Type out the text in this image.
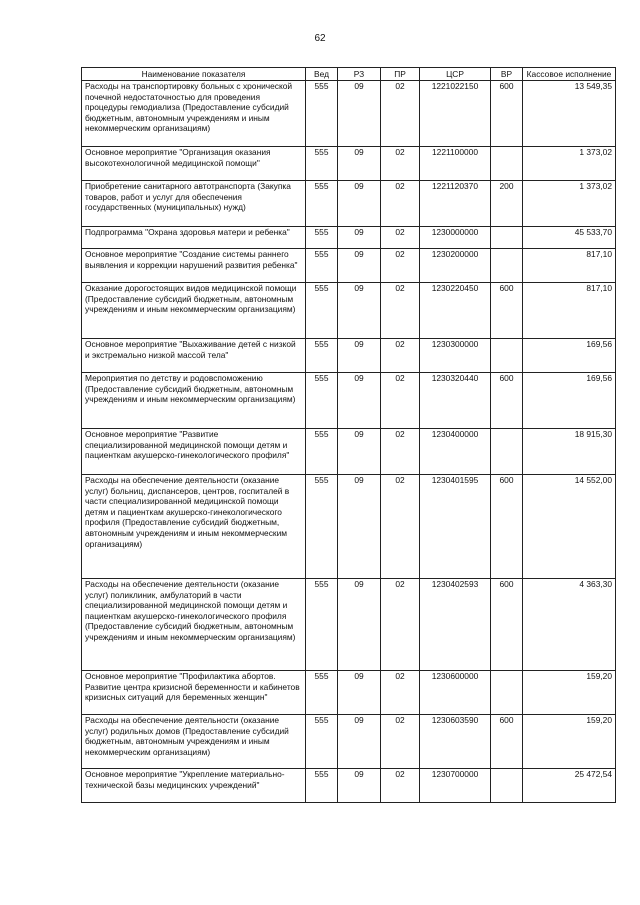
62
Наименование показателя	Вед	РЗ	ПР	ЦСР	ВР	Кассовое исполнение
Расходы на транспортировку больных с хронической почечной недостаточностью для проведения процедуры гемодиализа (Предоставление субсидий бюджетным, автономным учреждениям и иным некоммерческим организациям)	555	09	02	1221022150	600	13 549,35
Основное мероприятие "Организация оказания высокотехнологичной медицинской помощи"	555	09	02	1221100000		1 373,02
Приобретение санитарного автотранспорта (Закупка товаров, работ и услуг для обеспечения государственных (муниципальных) нужд)	555	09	02	1221120370	200	1 373,02
Подпрограмма "Охрана здоровья матери и ребенка"	555	09	02	1230000000		45 533,70
Основное мероприятие "Создание системы раннего выявления и коррекции нарушений развития ребенка"	555	09	02	1230200000		817,10
Оказание дорогостоящих видов медицинской помощи (Предоставление субсидий бюджетным, автономным учреждениям и иным некоммерческим организациям)	555	09	02	1230220450	600	817,10
Основное мероприятие "Выхаживание детей с низкой и экстремально низкой массой тела"	555	09	02	1230300000		169,56
Мероприятия по детству и родовспоможению (Предоставление субсидий бюджетным, автономным учреждениям и иным некоммерческим организациям)	555	09	02	1230320440	600	169,56
Основное мероприятие "Развитие специализированной медицинской помощи детям и пациенткам акушерско-гинекологического профиля"	555	09	02	1230400000		18 915,30
Расходы на обеспечение деятельности (оказание услуг) больниц, диспансеров, центров, госпиталей в части специализированной медицинской помощи детям и пациенткам акушерско-гинекологического профиля (Предоставление субсидий бюджетным, автономным учреждениям и иным некоммерческим организациям)	555	09	02	1230401595	600	14 552,00
Расходы на обеспечение деятельности (оказание услуг) поликлиник, амбулаторий в части специализированной медицинской помощи детям и пациенткам акушерско-гинекологического профиля (Предоставление субсидий бюджетным, автономным учреждениям и иным некоммерческим организациям)	555	09	02	1230402593	600	4 363,30
Основное мероприятие "Профилактика абортов. Развитие центра кризисной беременности и кабинетов кризисных ситуаций для беременных женщин"	555	09	02	1230600000		159,20
Расходы на обеспечение деятельности (оказание услуг) родильных домов (Предоставление субсидий бюджетным, автономным учреждениям и иным некоммерческим организациям)	555	09	02	1230603590	600	159,20
Основное мероприятие "Укрепление материально-технической базы медицинских учреждений"	555	09	02	1230700000		25 472,54
